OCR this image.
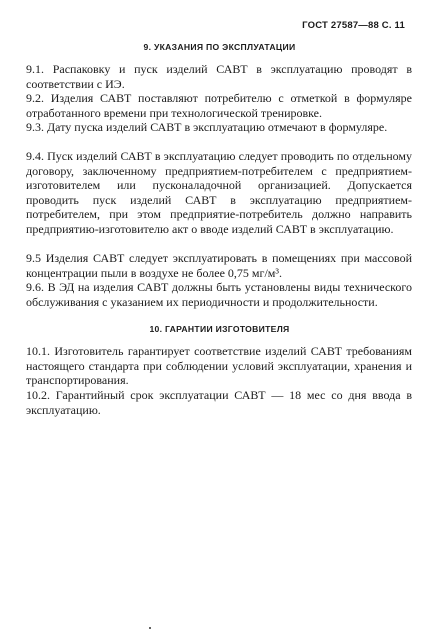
ГОСТ 27587—88 С. 11
9. УКАЗАНИЯ ПО ЭКСПЛУАТАЦИИ

9.1. Распаковку и пуск изделий САВТ в эксплуатацию проводят в соответствии с ИЭ.

9.2. Изделия САВТ поставляют потребителю с отметкой в формуляре отработанного времени при технологической тренировке.

9.3. Дату пуска изделий САВТ в эксплуатацию отмечают в формуляре.

9.4. Пуск изделий САВТ в эксплуатацию следует проводить по отдельному договору, заключенному предприятием-потребителем с предприятием-изготовителем или пусконаладочной организацией. Допускается проводить пуск изделий САВТ в эксплуатацию предприятием-потребителем, при этом предприятие-потребитель должно направить предприятию-изготовителю акт о вводе изделий САВТ в эксплуатацию.

9.5 Изделия САВТ следует эксплуатировать в помещениях при массовой концентрации пыли в воздухе не более 0,75 мг/м³.

9.6. В ЭД на изделия САВТ должны быть установлены виды технического обслуживания с указанием их периодичности и продолжительности.

10. ГАРАНТИИ ИЗГОТОВИТЕЛЯ

10.1. Изготовитель гарантирует соответствие изделий САВТ требованиям настоящего стандарта при соблюдении условий эксплуатации, хранения и транспортирования.

10.2. Гарантийный срок эксплуатации САВТ — 18 мес со дня ввода в эксплуатацию.
